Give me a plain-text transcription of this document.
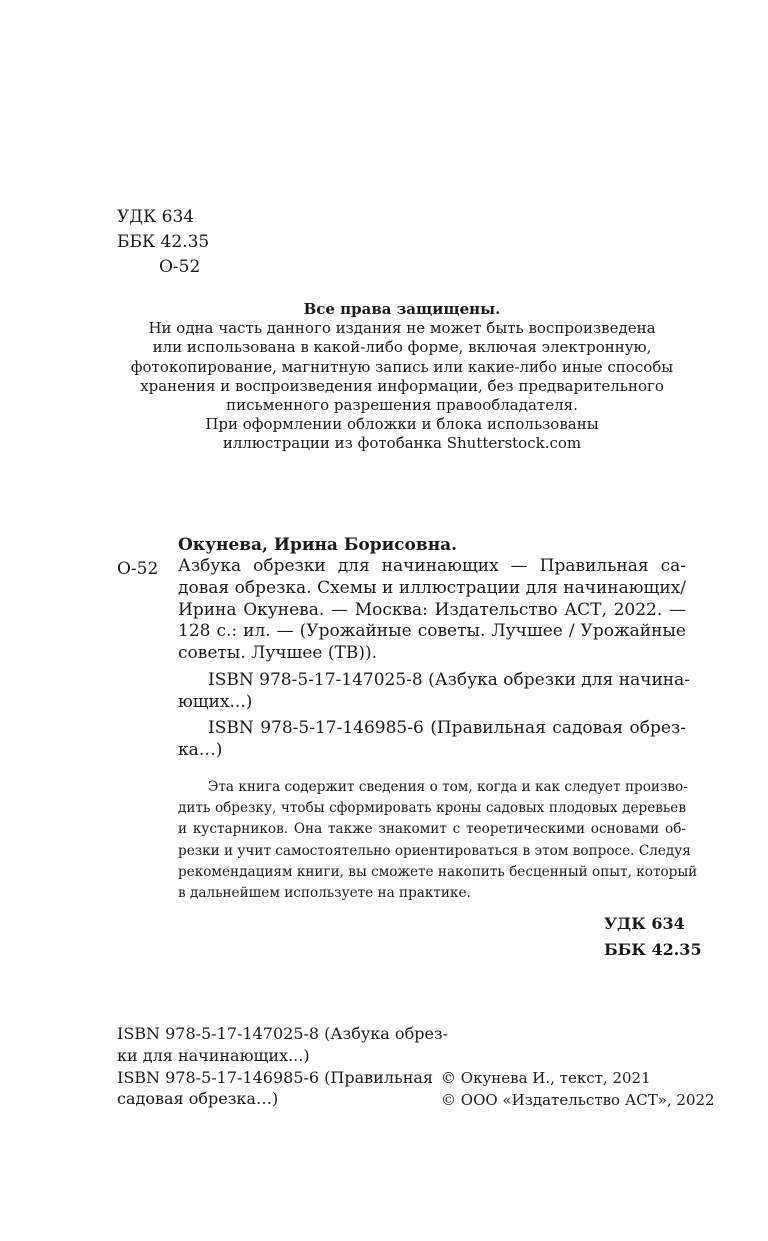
УДК 634
ББК 42.35
О-52
Все права защищены.
Ни одна часть данного издания не может быть воспроизведена
или использована в какой-либо форме, включая электронную,
фотокопирование, магнитную запись или какие-либо иные способы
хранения и воспроизведения информации, без предварительного
письменного разрешения правообладателя.
При оформлении обложки и блока использованы
иллюстрации из фотобанка Shutterstock.com
Окунева, Ирина Борисовна.
О-52 Азбука обрезки для начинающих — Правильная са-
довая обрезка. Схемы и иллюстрации для начинающих/
Ирина Окунева. — Москва: Издательство АСТ, 2022. —
128 с.: ил. — (Урожайные советы. Лучшее / Урожайные
советы. Лучшее (ТВ)).
ISBN 978-5-17-147025-8 (Азбука обрезки для начина-
ющих...)
ISBN 978-5-17-146985-6 (Правильная садовая обрез-
ка…)
Эта книга содержит сведения о том, когда и как следует произво-
дить обрезку, чтобы сформировать кроны садовых плодовых деревьев
и кустарников. Она также знакомит с теоретическими основами об-
резки и учит самостоятельно ориентироваться в этом вопросе. Следуя
рекомендациям книги, вы сможете накопить бесценный опыт, который
в дальнейшем используете на практике.
УДК 634
ББК 42.35
ISBN 978-5-17-147025-8 (Азбука обрез-
ки для начинающих...)
ISBN 978-5-17-146985-6 (Правильная
садовая обрезка…)
© Окунева И., текст, 2021
© ООО «Издательство АСТ», 2022
